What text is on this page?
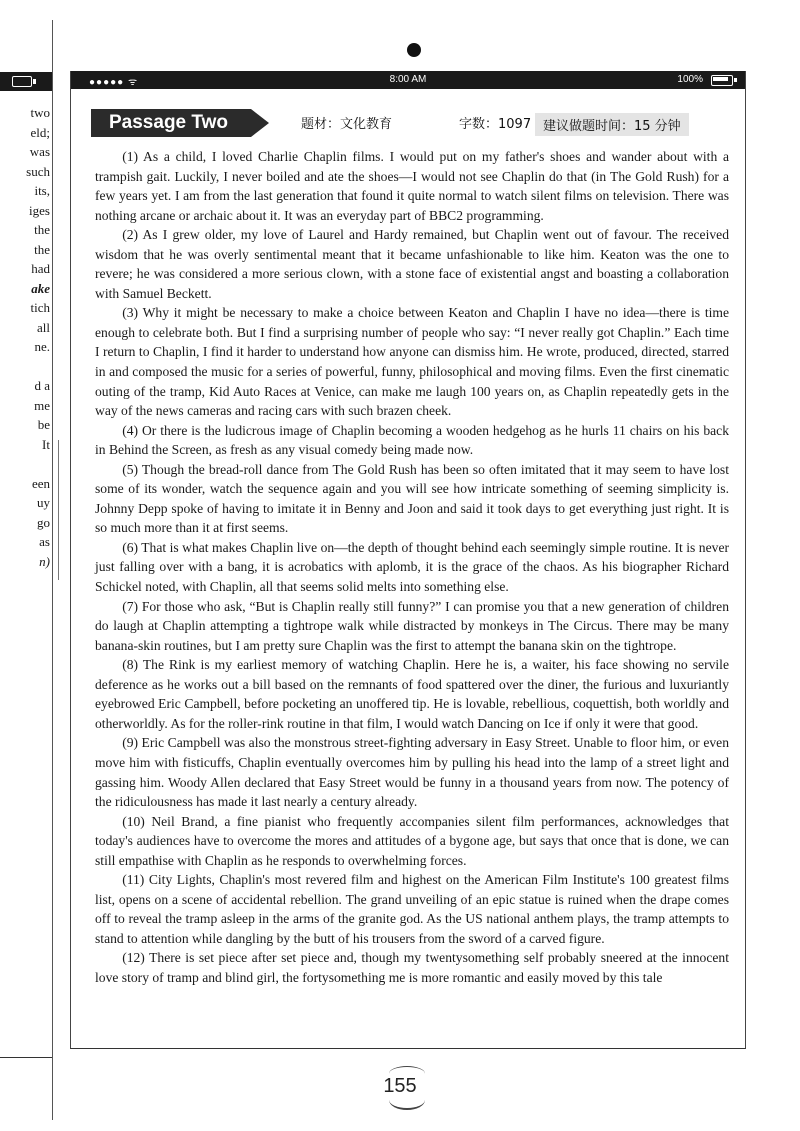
two
eld;
was
such
its,
iges
the
the
had
ake
tich
all
ne.
d a
me
be
It
een
uy
go
as
n)
●●●●● ᯤ	8:00 AM	100%
Passage Two	题材：文化教育	字数：1097 建议做题时间：15 分钟

(1) As a child, I loved Charlie Chaplin films. I would put on my father's shoes and wander about with a trampish gait. Luckily, I never boiled and ate the shoes—I would not see Chaplin do that (in The Gold Rush) for a few years yet. I am from the last generation that found it quite normal to watch silent films on television. There was nothing arcane or archaic about it. It was an everyday part of BBC2 programming.

(2) As I grew older, my love of Laurel and Hardy remained, but Chaplin went out of favour. The received wisdom that he was overly sentimental meant that it became unfashionable to like him. Keaton was the one to revere; he was considered a more serious clown, with a stone face of existential angst and boasting a collaboration with Samuel Beckett.

(3) Why it might be necessary to make a choice between Keaton and Chaplin I have no idea—there is time enough to celebrate both. But I find a surprising number of people who say: “I never really got Chaplin.” Each time I return to Chaplin, I find it harder to understand how anyone can dismiss him. He wrote, produced, directed, starred in and composed the music for a series of powerful, funny, philosophical and moving films. Even the first cinematic outing of the tramp, Kid Auto Races at Venice, can make me laugh 100 years on, as Chaplin repeatedly gets in the way of the news cameras and racing cars with such brazen cheek.

(4) Or there is the ludicrous image of Chaplin becoming a wooden hedgehog as he hurls 11 chairs on his back in Behind the Screen, as fresh as any visual comedy being made now.

(5) Though the bread-roll dance from The Gold Rush has been so often imitated that it may seem to have lost some of its wonder, watch the sequence again and you will see how intricate something of seeming simplicity is. Johnny Depp spoke of having to imitate it in Benny and Joon and said it took days to get everything just right. It is so much more than it at first seems.

(6) That is what makes Chaplin live on—the depth of thought behind each seemingly simple routine. It is never just falling over with a bang, it is acrobatics with aplomb, it is the grace of the chaos. As his biographer Richard Schickel noted, with Chaplin, all that seems solid melts into something else.

(7) For those who ask, “But is Chaplin really still funny?” I can promise you that a new generation of children do laugh at Chaplin attempting a tightrope walk while distracted by monkeys in The Circus. There may be many banana-skin routines, but I am pretty sure Chaplin was the first to attempt the banana skin on the tightrope.

(8) The Rink is my earliest memory of watching Chaplin. Here he is, a waiter, his face showing no servile deference as he works out a bill based on the remnants of food spattered over the diner, the furious and luxuriantly eyebrowed Eric Campbell, before pocketing an unoffered tip. He is lovable, rebellious, coquettish, both worldly and otherworldly. As for the roller-rink routine in that film, I would watch Dancing on Ice if only it were that good.

(9) Eric Campbell was also the monstrous street-fighting adversary in Easy Street. Unable to floor him, or even move him with fisticuffs, Chaplin eventually overcomes him by pulling his head into the lamp of a street light and gassing him. Woody Allen declared that Easy Street would be funny in a thousand years from now. The potency of the ridiculousness has made it last nearly a century already.

(10) Neil Brand, a fine pianist who frequently accompanies silent film performances, acknowledges that today's audiences have to overcome the mores and attitudes of a bygone age, but says that once that is done, we can still empathise with Chaplin as he responds to overwhelming forces.

(11) City Lights, Chaplin's most revered film and highest on the American Film Institute's 100 greatest films list, opens on a scene of accidental rebellion. The grand unveiling of an epic statue is ruined when the drape comes off to reveal the tramp asleep in the arms of the granite god. As the US national anthem plays, the tramp attempts to stand to attention while dangling by the butt of his trousers from the sword of a carved figure.

(12) There is set piece after set piece and, though my twentysomething self probably sneered at the innocent love story of tramp and blind girl, the fortysomething me is more romantic and easily moved by this tale

155
